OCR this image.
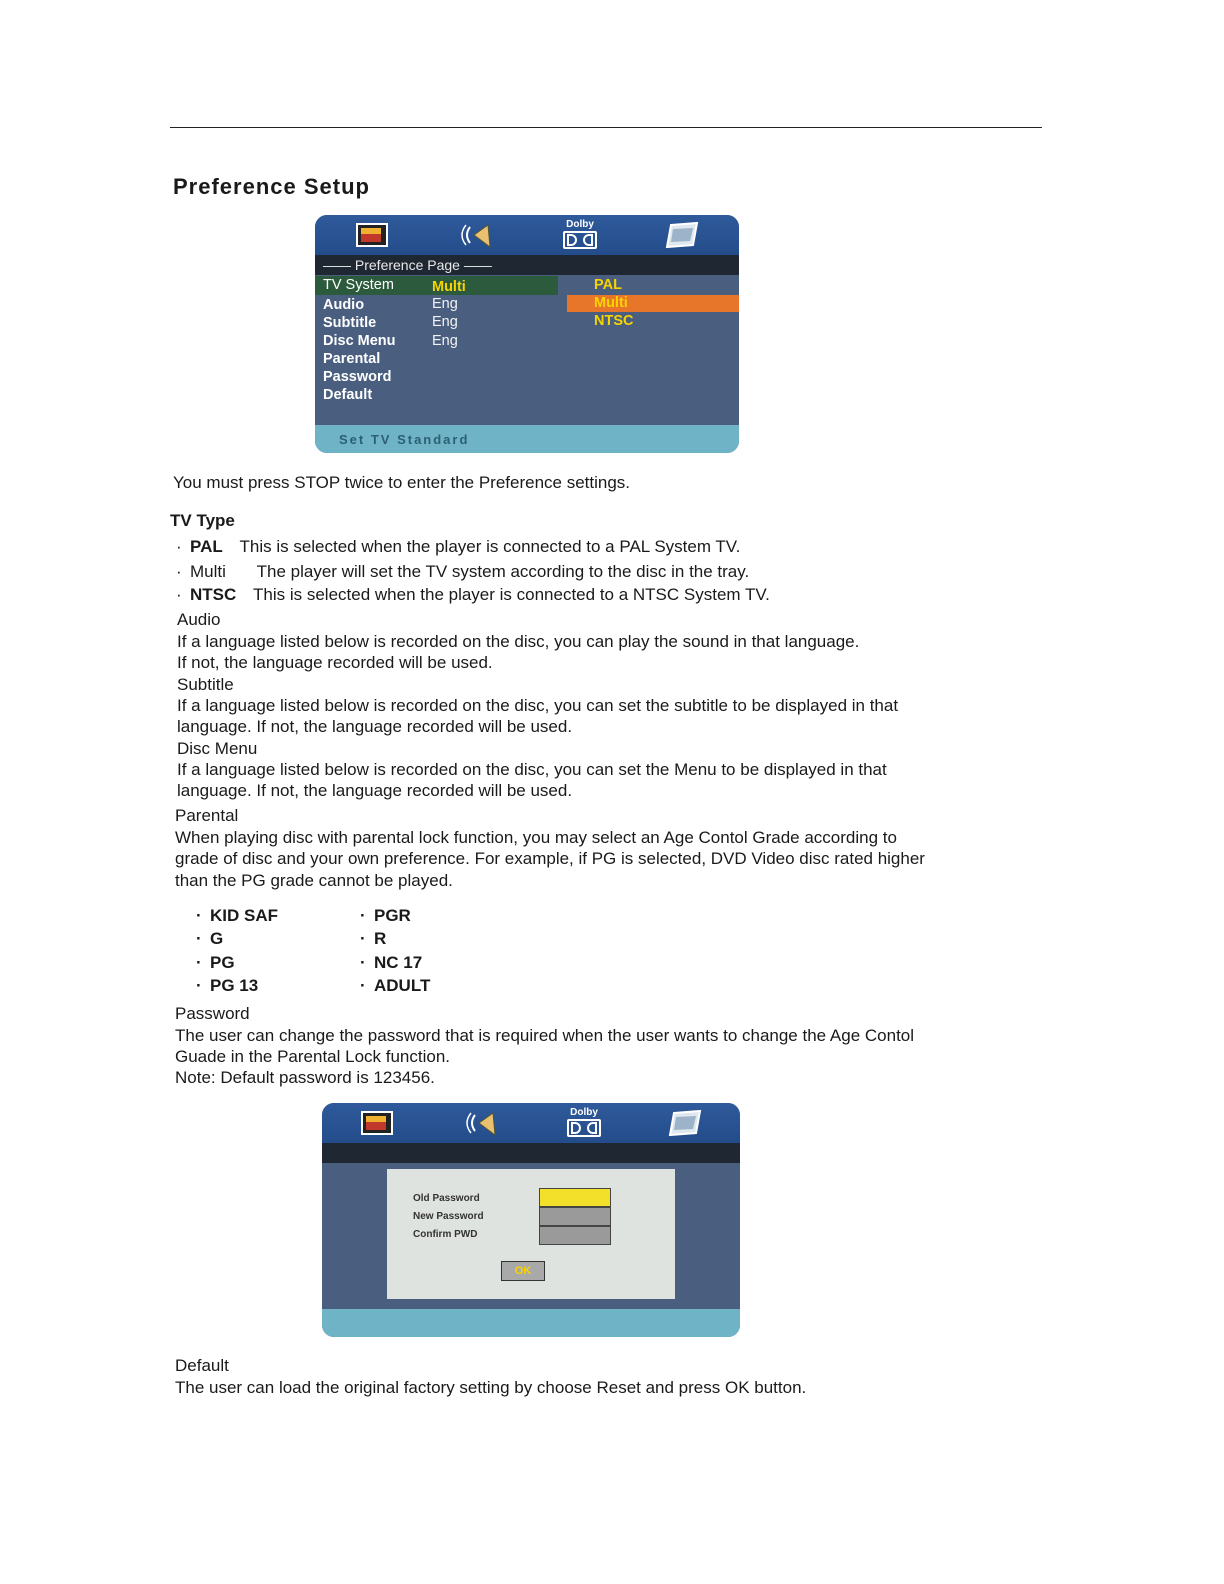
Preference Setup
Dolby
—— Preference Page ——
TV System	Multi
Audio	Eng
Subtitle	Eng
Disc Menu	Eng
Parental
Password
Default
PAL
Multi
NTSC
Set TV Standard
You must press STOP twice to enter the Preference settings.
TV Type
· PAL This is selected when the player is connected to a PAL System TV.
· Multi The player will set the TV system according to the disc in the tray.
· NTSC This is selected when the player is connected to a NTSC System TV.
Audio
If a language listed below is recorded on the disc, you can play the sound in that language.
If not, the language recorded will be used.
Subtitle
If a language listed below is recorded on the disc, you can set the subtitle to be displayed in that
language. If not, the language recorded will be used.
Disc Menu
If a language listed below is recorded on the disc, you can set the Menu to be displayed in that
language. If not, the language recorded will be used.
Parental
When playing disc with parental lock function, you may select an Age Contol Grade according to
grade of disc and your own preference. For example, if PG is selected, DVD Video disc rated higher
than the PG grade cannot be played.
· KID SAF
· G
· PG
· PG 13
· PGR
· R
· NC 17
· ADULT
Password
The user can change the password that is required when the user wants to change the Age Contol
Guade in the Parental Lock function.
Note: Default password is 123456.
Dolby
Old Password
New Password
Confirm PWD
OK
Default
The user can load the original factory setting by choose Reset and press OK button.
